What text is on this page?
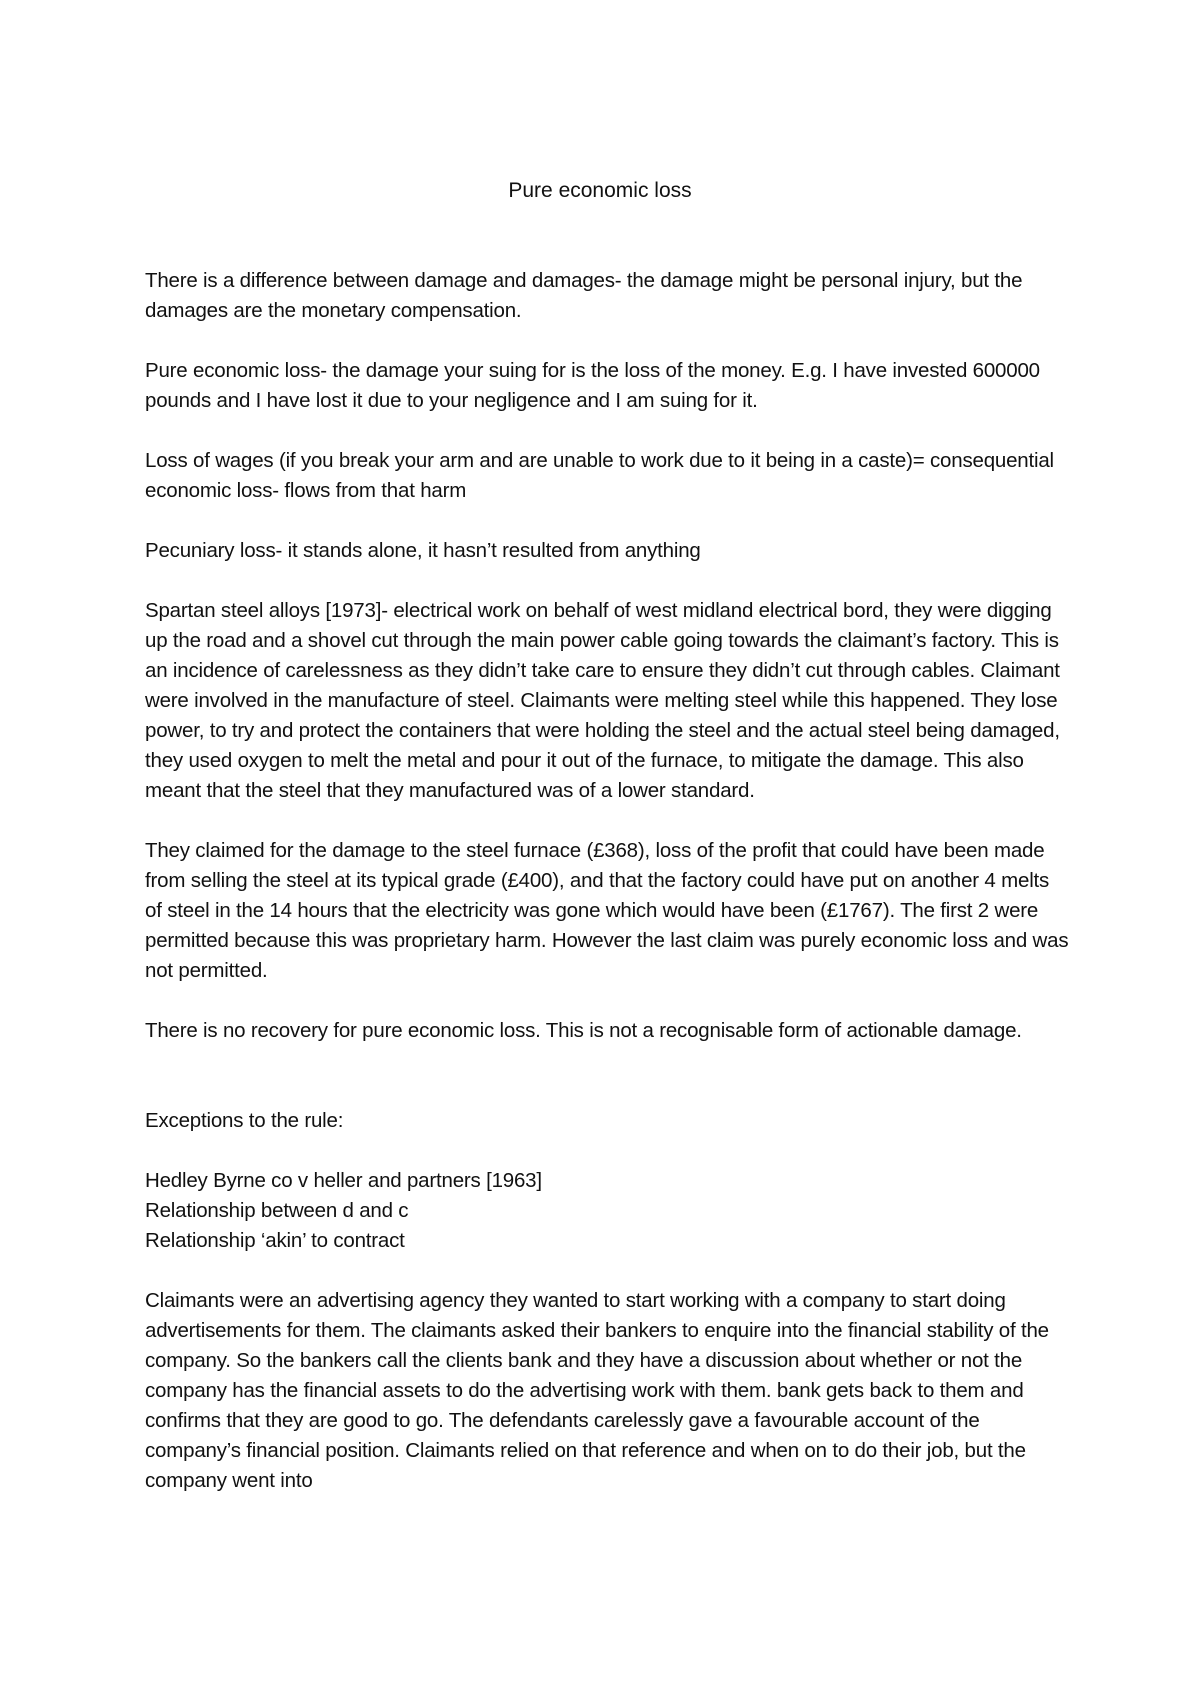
Pure economic loss

There is a difference between damage and damages- the damage might be personal injury, but the damages are the monetary compensation.

Pure economic loss- the damage your suing for is the loss of the money. E.g. I have invested 600000 pounds and I have lost it due to your negligence and I am suing for it.

Loss of wages (if you break your arm and are unable to work due to it being in a caste)= consequential economic loss- flows from that harm

Pecuniary loss- it stands alone, it hasn’t resulted from anything

Spartan steel alloys [1973]- electrical work on behalf of west midland electrical bord, they were digging up the road and a shovel cut through the main power cable going towards the claimant’s factory. This is an incidence of carelessness as they didn’t take care to ensure they didn’t cut through cables. Claimant were involved in the manufacture of steel. Claimants were melting steel while this happened. They lose power, to try and protect the containers that were holding the steel and the actual steel being damaged, they used oxygen to melt the metal and pour it out of the furnace, to mitigate the damage. This also meant that the steel that they manufactured was of a lower standard.

They claimed for the damage to the steel furnace (£368), loss of the profit that could have been made from selling the steel at its typical grade (£400), and that the factory could have put on another 4 melts of steel in the 14 hours that the electricity was gone which would have been (£1767). The first 2 were permitted because this was proprietary harm. However the last claim was purely economic loss and was not permitted.

There is no recovery for pure economic loss. This is not a recognisable form of actionable damage.

Exceptions to the rule:

Hedley Byrne co v heller and partners [1963]

Relationship between d and c

Relationship ‘akin’ to contract

Claimants were an advertising agency they wanted to start working with a company to start doing advertisements for them. The claimants asked their bankers to enquire into the financial stability of the company. So the bankers call the clients bank and they have a discussion about whether or not the company has the financial assets to do the advertising work with them. bank gets back to them and confirms that they are good to go. The defendants carelessly gave a favourable account of the company’s financial position. Claimants relied on that reference and when on to do their job, but the company went into
